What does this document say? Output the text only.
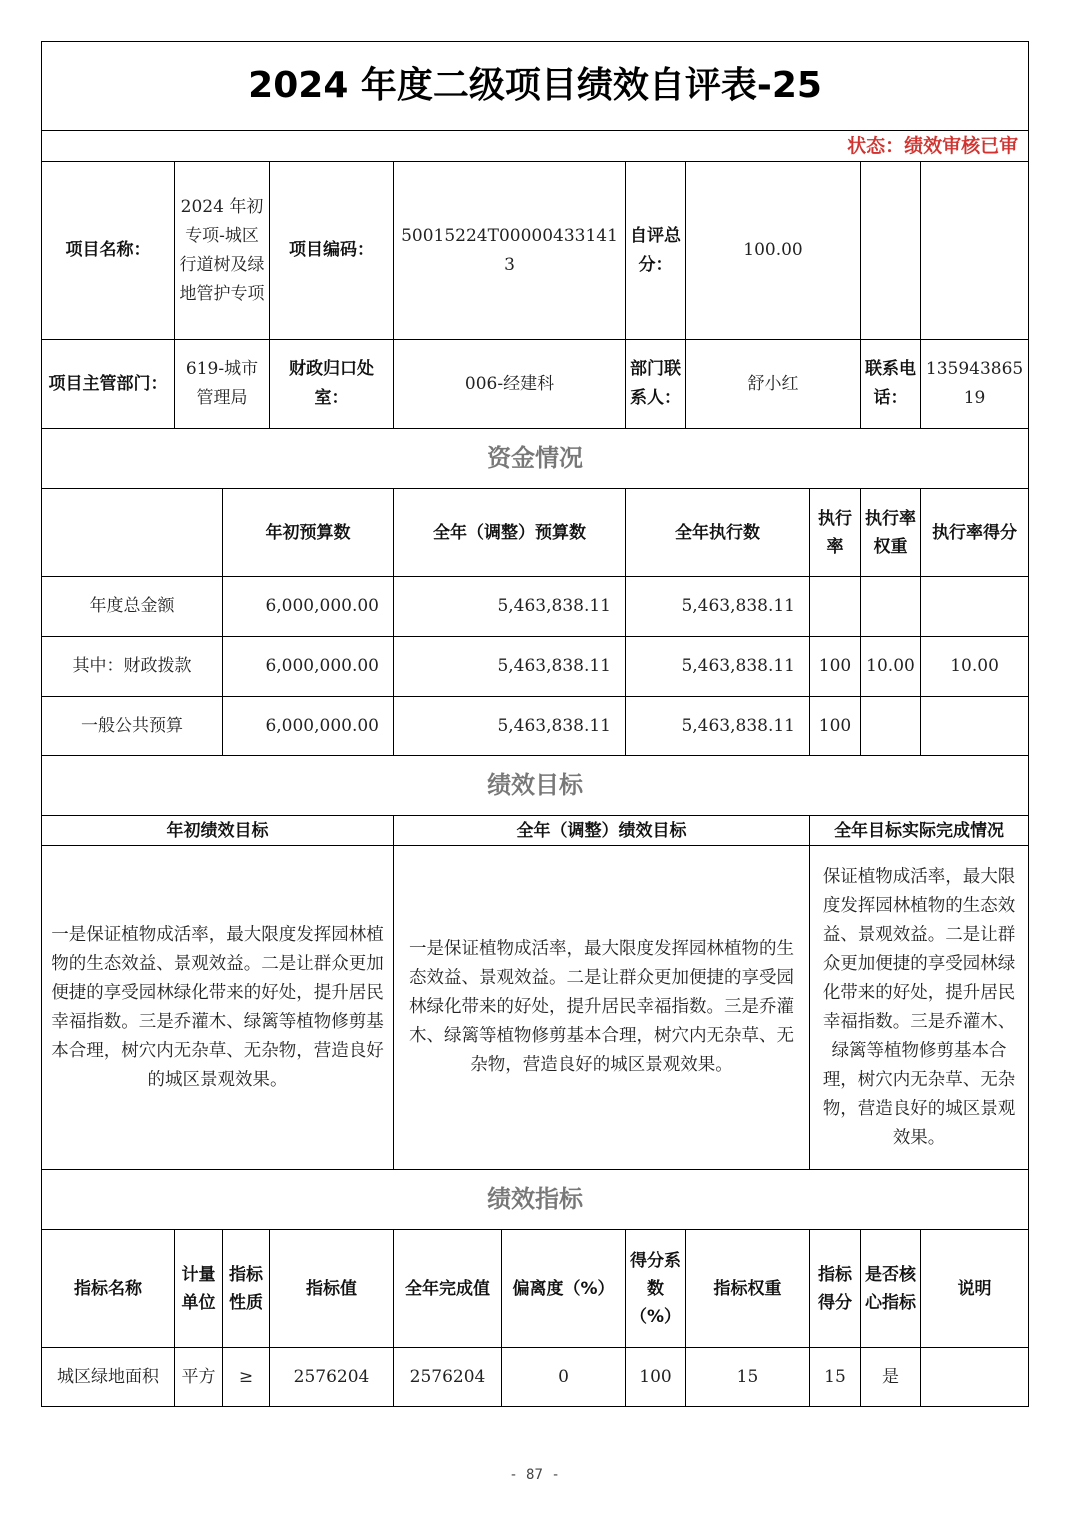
2024 年度二级项目绩效自评表-25										
状态：绩效审核已审										
项目名称：	2024 年初专项-城区行道树及绿地管护专项		项目编码：	50015224T000004331413		自评总分：	100.00			
项目主管部门：	619-城市管理局		财政归口处室：	006-经建科		部门联系人：	舒小红		联系电话：	13594386519
资金情况										
		年初预算数		全年（调整）预算数		全年执行数		执行率	执行率权重	执行率得分
年度总金额		6,000,000.00		5,463,838.11		5,463,838.11				
其中：财政拨款		6,000,000.00		5,463,838.11		5,463,838.11		100	10.00	10.00
一般公共预算		6,000,000.00		5,463,838.11		5,463,838.11		100		
绩效目标										
年初绩效目标				全年（调整）绩效目标				全年目标实际完成情况		
一是保证植物成活率，最大限度发挥园林植物的生态效益、景观效益。二是让群众更加便捷的享受园林绿化带来的好处，提升居民幸福指数。三是乔灌木、绿篱等植物修剪基本合理，树穴内无杂草、无杂物，营造良好的城区景观效果。				一是保证植物成活率，最大限度发挥园林植物的生态效益、景观效益。二是让群众更加便捷的享受园林绿化带来的好处，提升居民幸福指数。三是乔灌木、绿篱等植物修剪基本合理，树穴内无杂草、无杂物，营造良好的城区景观效果。				保证植物成活率，最大限度发挥园林植物的生态效益、景观效益。二是让群众更加便捷的享受园林绿化带来的好处，提升居民幸福指数。三是乔灌木、绿篱等植物修剪基本合理，树穴内无杂草、无杂物，营造良好的城区景观效果。		
绩效指标										
指标名称	计量单位	指标性质	指标值	全年完成值	偏离度（%）	得分系数（%）	指标权重	指标得分	是否核心指标	说明
城区绿地面积	平方	≥	2576204	2576204	0	100	15	15	是	
- 87 -
